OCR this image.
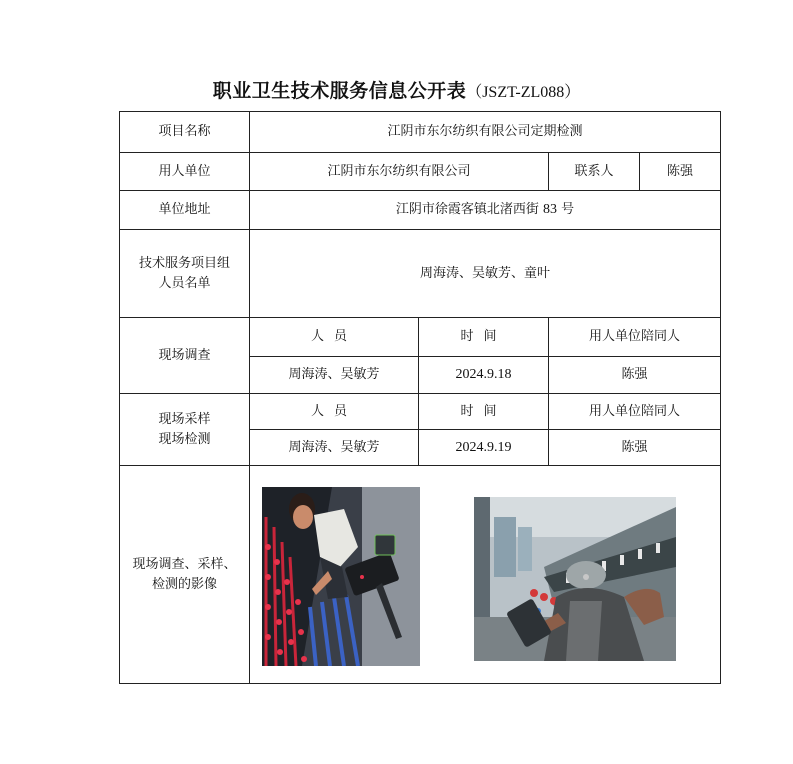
职业卫生技术服务信息公开表（JSZT-ZL088）
项目名称	江阴市东尔纺织有限公司定期检测			
用人单位	江阴市东尔纺织有限公司		联系人	陈强
单位地址	江阴市徐霞客镇北渚西街 83 号			

技术服务项目组
人员名单	周海涛、吴敏芳、童叶			
现场调查	人员	时间	用人单位陪同人	
	周海涛、吴敏芳	2024.9.18	陈强	

现场采样
现场检测	人员	时间	用人单位陪同人	
	周海涛、吴敏芳	2024.9.19	陈强	

现场调查、采样、
检测的影像
